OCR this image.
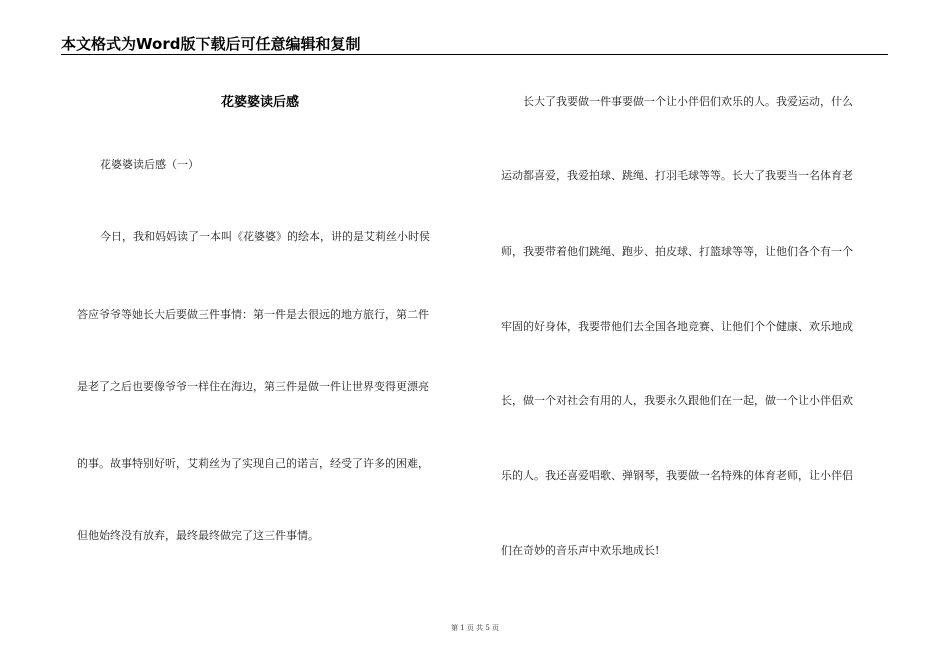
本文格式为Word版下载后可任意编辑和复制
花婆婆读后感
花婆婆读后感（一）
今日，我和妈妈读了一本叫《花婆婆》的绘本，讲的是艾莉丝小时侯
答应爷爷等她长大后要做三件事情：第一件是去很远的地方旅行，第二件
是老了之后也要像爷爷一样住在海边，第三件是做一件让世界变得更漂亮
的事。故事特别好听，艾莉丝为了实现自己的诺言，经受了许多的困难，
但他始终没有放弃，最终最终做完了这三件事情。
长大了我要做一件事要做一个让小伴侣们欢乐的人。我爱运动，什么
运动都喜爱，我爱拍球、跳绳、打羽毛球等等。长大了我要当一名体育老
师，我要带着他们跳绳、跑步、拍皮球、打篮球等等，让他们各个有一个
牢固的好身体，我要带他们去全国各地竞赛、让他们个个健康、欢乐地成
长，做一个对社会有用的人，我要永久跟他们在一起，做一个让小伴侣欢
乐的人。我还喜爱唱歌、弹钢琴，我要做一名特殊的体育老师，让小伴侣
们在奇妙的音乐声中欢乐地成长!
第 1 页 共 5 页
